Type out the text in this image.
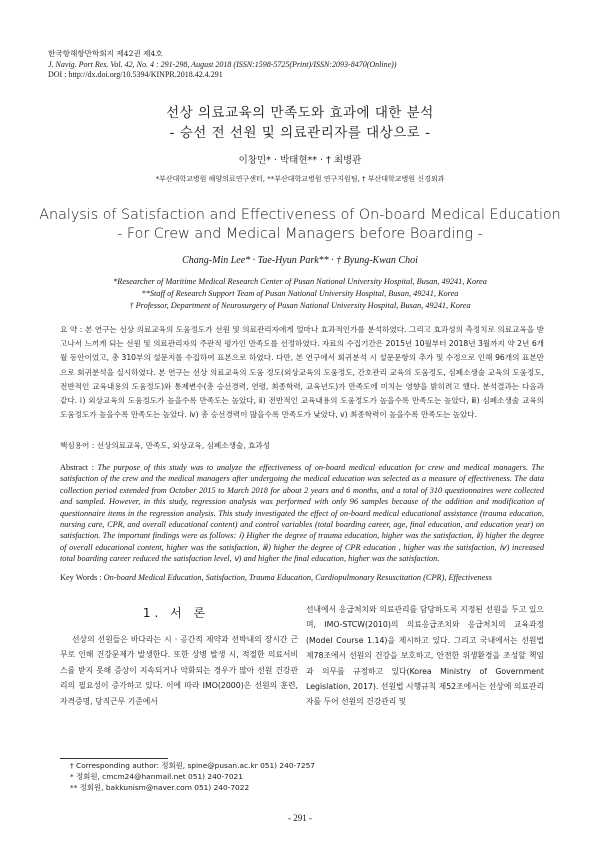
한국항해항만학회지 제42권 제4호
J. Navig. Port Res. Vol. 42, No. 4 : 291-298, August 2018 (ISSN:1598-5725(Print)/ISSN:2093-8470(Online))
DOI : http://dx.doi.org/10.5394/KINPR.2018.42.4.291
선상 의료교육의 만족도와 효과에 대한 분석
- 승선 전 선원 및 의료관리자를 대상으로 -
이창민* · 박태현** · † 최병관
*부산대학교병원 해양의료연구센터, **부산대학교병원 연구지원팀, † 부산대학교병원 신경외과
Analysis of Satisfaction and Effectiveness of On-board Medical Education
- For Crew and Medical Managers before Boarding -
Chang-Min Lee* · Tae-Hyun Park** · † Byung-Kwan Choi
*Researcher of Maritime Medical Research Center of Pusan National University Hospital, Busan, 49241, Korea
**Staff of Research Support Team of Pusan National University Hospital, Busan, 49241, Korea
† Professor, Department of Neurosurgery of Pusan National University Hospital, Busan, 49241, Korea
요 약 : 본 연구는 선상 의료교육의 도움정도가 선원 및 의료관리자에게 얼마나 효과적인가를 분석하였다. 그리고 효과성의 측정치로 의료교육을 받고나서 느끼게 되는 선원 및 의료관리자의 주관적 평가인 만족도를 선정하였다. 자료의 수집기간은 2015년 10월부터 2018년 3월까지 약 2년 6개월 동안이었고, 총 310부의 설문지를 수집하여 표본으로 하였다. 다만, 본 연구에서 회귀분석 시 설문문항의 추가 및 수정으로 인해 96개의 표본만으로 회귀분석을 실시하였다. 본 연구는 선상 의료교육의 도움 정도(외상교육의 도움정도, 간호관리 교육의 도움정도, 심폐소생술 교육의 도움정도, 전반적인 교육내용의 도움정도)와 통제변수(총 승선경력, 연령, 최종학력, 교육년도)가 만족도에 미치는 영향을 밝히려고 했다. 분석결과는 다음과 같다. ⅰ) 외상교육의 도움정도가 높을수록 만족도는 높았다, ⅱ) 전반적인 교육내용의 도움정도가 높을수록 만족도는 높았다, ⅲ) 심폐소생술 교육의 도움정도가 높을수록 만족도는 높았다. ⅳ) 총 승선경력이 많을수록 만족도가 낮았다, ⅴ) 최종학력이 높을수록 만족도는 높았다.
핵심용어 : 선상의료교육, 만족도, 외상교육, 심폐소생술, 효과성
Abstract : The purpose of this study was to analyze the effectiveness of on-board medical education for crew and medical managers. The satisfaction of the crew and the medical managers after undergoing the medical education was selected as a measure of effectiveness. The data collection period extended from October 2015 to March 2018 for about 2 years and 6 months, and a total of 310 questionnaires were collected and sampled. However, in this study, regression analysis was performed with only 96 samples because of the addition and modification of questionnaire items in the regression analysis. This study investigated the effect of on-board medical educational assistance (trauma education, nursing care, CPR, and overall educational content) and control variables (total boarding career, age, final education, and education year) on satisfaction. The important findings were as follows: ⅰ) Higher the degree of trauma education, higher was the satisfaction, ⅱ) higher the degree of overall educational content, higher was the satisfaction, ⅲ) higher the degree of CPR education , higher was the satisfaction, ⅳ) increased total boarding career reduced the satisfaction level, ⅴ) and higher the final education, higher was the satisfaction.
Key Words : On-board Medical Education, Satisfaction, Trauma Education, Cardiopulmonary Resuscitation (CPR), Effectiveness
1. 서 론

선상의 선원들은 바다라는 시 · 공간적 제약과 선박내의 장시간 근무로 인해 건강문제가 발생한다. 또한 상병 발생 시, 적절한 의료서비스를 받지 못해 증상이 지속되거나 악화되는 경우가 많아 선원 건강관리의 필요성이 증가하고 있다. 이에 따라 IMO(2000)은 선원의 훈련, 자격증명, 당직근무 기준에서

선내에서 응급처치와 의료관리를 담당하도록 지정된 선원을 두고 있으며, IMO-STCW(2010)의 의료응급조치와 응급처치의 교육과정(Model Course 1.14)을 제시하고 있다. 그리고 국내에서는 선원법 제78조에서 선원의 건강을 보호하고, 안전한 위생환경을 조성할 책임과 의무를 규정하고 있다(Korea Ministry of Government Legislation, 2017). 선원법 시행규칙 제52조에서는 선상에 의료관리자를 두어 선원의 건강관리 및

† Corresponding author: 정회원, spine@pusan.ac.kr 051) 240-7257
* 정회원, cmcm24@hanmail.net 051) 240-7021
** 정회원, bakkunism@naver.com 051) 240-7022
- 291 -
